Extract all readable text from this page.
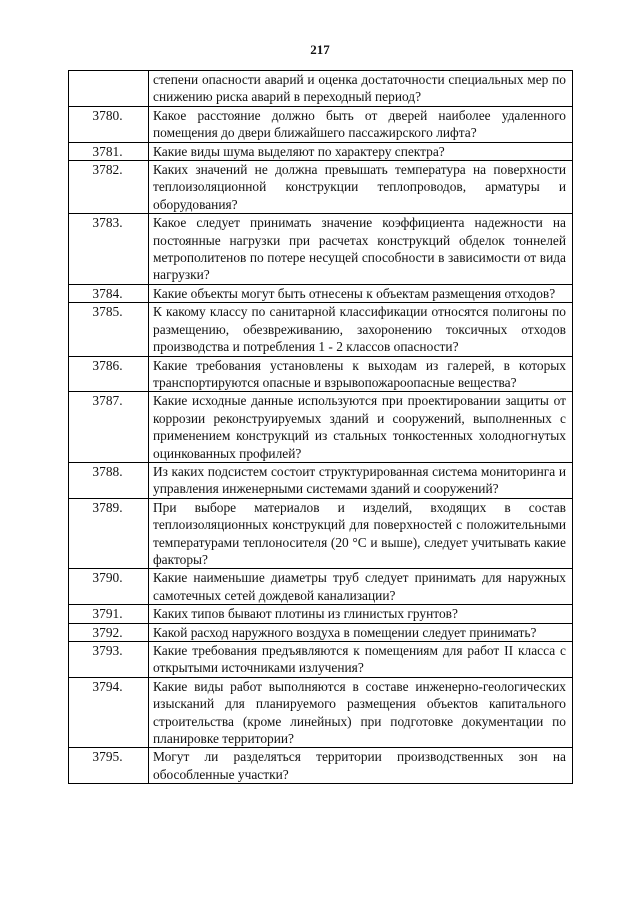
217
	степени опасности аварий и оценка достаточности специальных мер по снижению риска аварий в переходный период?
3780.	Какое расстояние должно быть от дверей наиболее удаленного помещения до двери ближайшего пассажирского лифта?
3781.	Какие виды шума выделяют по характеру спектра?
3782.	Каких значений не должна превышать температура на поверхности теплоизоляционной конструкции теплопроводов, арматуры и оборудования?
3783.	Какое следует принимать значение коэффициента надежности на постоянные нагрузки при расчетах конструкций обделок тоннелей метрополитенов по потере несущей способности в зависимости от вида нагрузки?
3784.	Какие объекты могут быть отнесены к объектам размещения отходов?
3785.	К какому классу по санитарной классификации относятся полигоны по размещению, обезвреживанию, захоронению токсичных отходов производства и потребления 1 - 2 классов опасности?
3786.	Какие требования установлены к выходам из галерей, в которых транспортируются опасные и взрывопожароопасные вещества?
3787.	Какие исходные данные используются при проектировании защиты от коррозии реконструируемых зданий и сооружений, выполненных с применением конструкций из стальных тонкостенных холодногнутых оцинкованных профилей?
3788.	Из каких подсистем состоит структурированная система мониторинга и управления инженерными системами зданий и сооружений?
3789.	При выборе материалов и изделий, входящих в состав теплоизоляционных конструкций для поверхностей с положительными температурами теплоносителя (20 °С и выше), следует учитывать какие факторы?
3790.	Какие наименьшие диаметры труб следует принимать для наружных самотечных сетей дождевой канализации?
3791.	Каких типов бывают плотины из глинистых грунтов?
3792.	Какой расход наружного воздуха в помещении следует принимать?
3793.	Какие требования предъявляются к помещениям для работ II класса с открытыми источниками излучения?
3794.	Какие виды работ выполняются в составе инженерно-геологических изысканий для планируемого размещения объектов капитального строительства (кроме линейных) при подготовке документации по планировке территории?
3795.	Могут ли разделяться территории производственных зон на обособленные участки?
